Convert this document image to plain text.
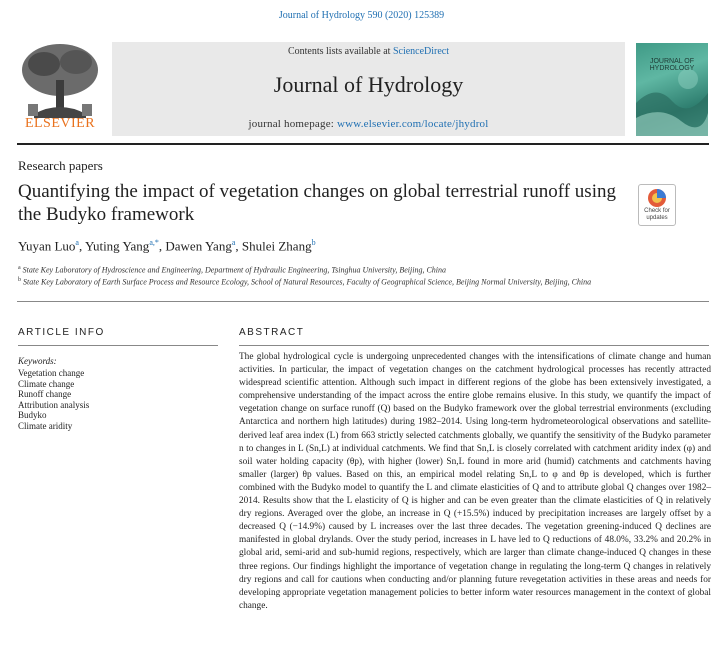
Journal of Hydrology 590 (2020) 125389
Contents lists available at ScienceDirect
Journal of Hydrology
journal homepage: www.elsevier.com/locate/jhydrol
ELSEVIER
JOURNAL OF HYDROLOGY
Research papers
Quantifying the impact of vegetation changes on global terrestrial runoff using the Budyko framework	Check for
updates
Yuyan Luo$^a$, Yuting Yang$^{a,*}$, Dawen Yang$^a$, Shulei Zhang$^b$
$^a$ State Key Laboratory of Hydroscience and Engineering, Department of Hydraulic Engineering, Tsinghua University, Beijing, China
$^b$ State Key Laboratory of Earth Surface Process and Resource Ecology, School of Natural Resources, Faculty of Geographical Science, Beijing Normal University, Beijing, China
ARTICLE INFO	ABSTRACT
Keywords:
Vegetation change
Climate change
Runoff change
Attribution analysis
Budyko
Climate aridity
The global hydrological cycle is undergoing unprecedented changes with the intensifications of climate change and human activities. In particular, the impact of vegetation changes on the catchment hydrological processes has recently attracted widespread scientific attention. Although such impact in different regions of the globe has been extensively investigated, a comprehensive understanding of the impact across the entire globe remains elusive. In this study, we quantify the impact of vegetation change on surface runoff (Q) based on the Budyko framework over the global terrestrial environments (excluding Antarctica and northern high latitudes) during 1982–2014. Using long-term hydrometeorological observations and satellite-derived leaf area index (L) from 663 strictly selected catchments globally, we quantify the sensitivity of the Budyko parameter n to changes in L (Sn,L) at individual catchments. We find that Sn,L is closely correlated with catchment aridity index (φ) and soil water holding capacity (θp), with higher (lower) Sn,L found in more arid (humid) catchments and catchments having smaller (larger) θp values. Based on this, an empirical model relating Sn,L to φ and θp is developed, which is further combined with the Budyko model to quantify the L and climate elasticities of Q and to attribute global Q changes over 1982–2014. Results show that the L elasticity of Q is higher and can be even greater than the climate elasticities of Q in relatively dry regions. Averaged over the globe, an increase in Q (+15.5%) induced by precipitation increases are largely offset by a decreased Q (−14.9%) caused by L increases over the last three decades. The vegetation greening-induced Q declines are manifested in global drylands. Over the study period, increases in L have led to Q reductions of 48.0%, 33.2% and 20.2% in global arid, semi-arid and sub-humid regions, respectively, which are larger than climate change-induced Q changes in these three regions. Our findings highlight the importance of vegetation change in regulating the long-term Q changes in relatively dry regions and call for cautions when conducting and/or planning future revegetation activities in these areas and needs for developing appropriate vegetation management policies to better inform water resources management in the context of global change.
